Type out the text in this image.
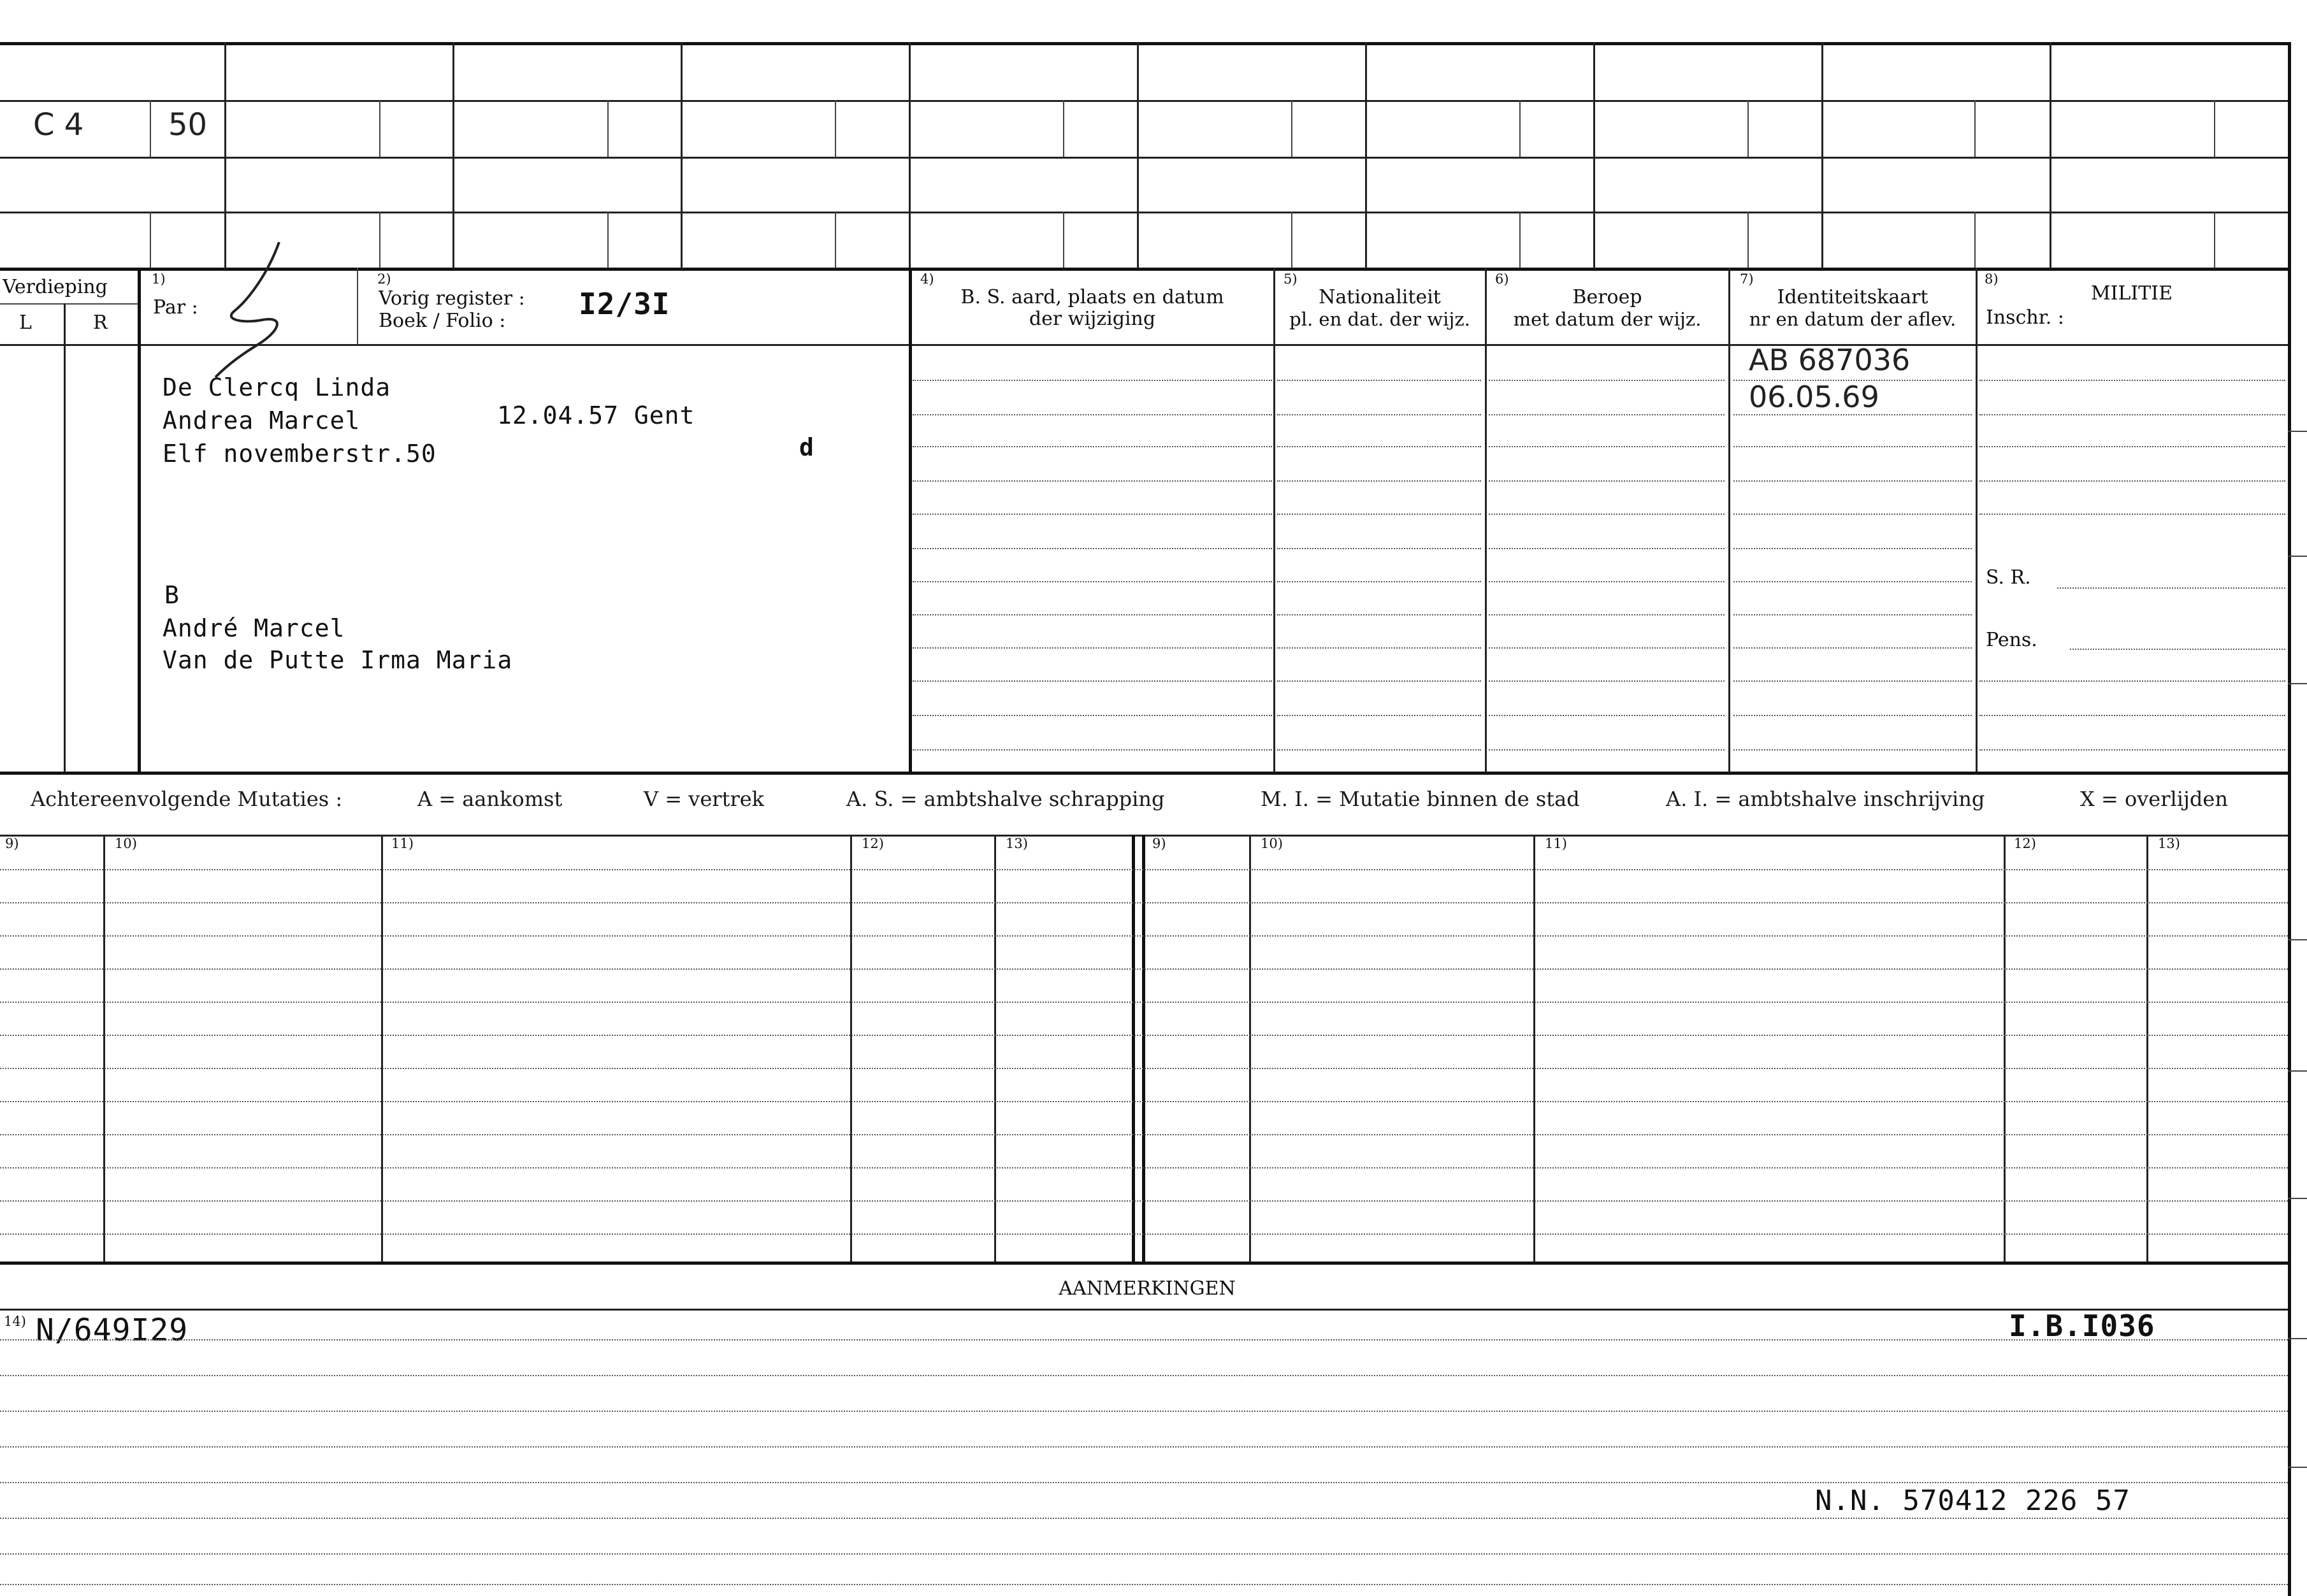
C 4	50
Verdieping
L	R
1)
Par :
2)
Vorig register :
Boek / Folio : I2/3I
4)
B. S. aard, plaats en datum
der wijziging
5)
Nationaliteit
pl. en dat. der wijz.
6)
Beroep
met datum der wijz.
7)
Identiteitskaart
nr en datum der aflev.
8)
MILITIE
Inschr. :
De Clercq Linda
Andrea Marcel	12.04.57 Gent
Elf novemberstr.50	d
B
André Marcel
Van de Putte Irma Maria
AB 687036
06.05.69
S. R.
Pens.
Achtereenvolgende Mutaties :	A = aankomst	V = vertrek	A. S. = ambtshalve schrapping	M. I. = Mutatie binnen de stad	A. I. = ambtshalve inschrijving	X = overlijden
9)	10)	11)	12)	13)	9)	10)	11)	12)	13)
AANMERKINGEN
14) N/649I29	I.B.I036
N.N. 570412 226 57
